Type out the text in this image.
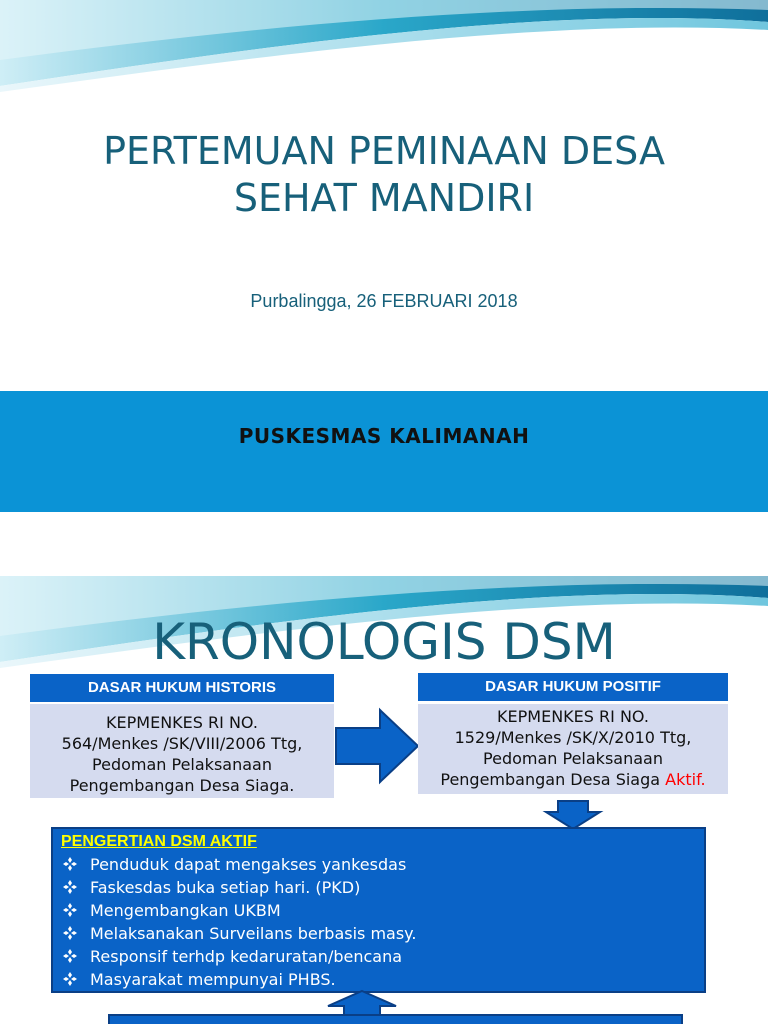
PERTEMUAN PEMINAAN DESA
SEHAT MANDIRI
Purbalingga, 26 FEBRUARI 2018
PUSKESMAS KALIMANAH
KRONOLOGIS DSM
DASAR HUKUM HISTORIS
KEPMENKES RI NO.
564/Menkes /SK/VIII/2006 Ttg,
Pedoman Pelaksanaan
Pengembangan Desa Siaga.
DASAR HUKUM POSITIF
KEPMENKES RI NO.
1529/Menkes /SK/X/2010 Ttg,
Pedoman Pelaksanaan
Pengembangan Desa Siaga Aktif.
PENGERTIAN DSM AKTIF
Penduduk dapat mengakses yankesdas
Faskesdas buka setiap hari. (PKD)
Mengembangkan UKBM
Melaksanakan Surveilans berbasis masy.
Responsif terhdp kedaruratan/bencana
Masyarakat mempunyai PHBS.
